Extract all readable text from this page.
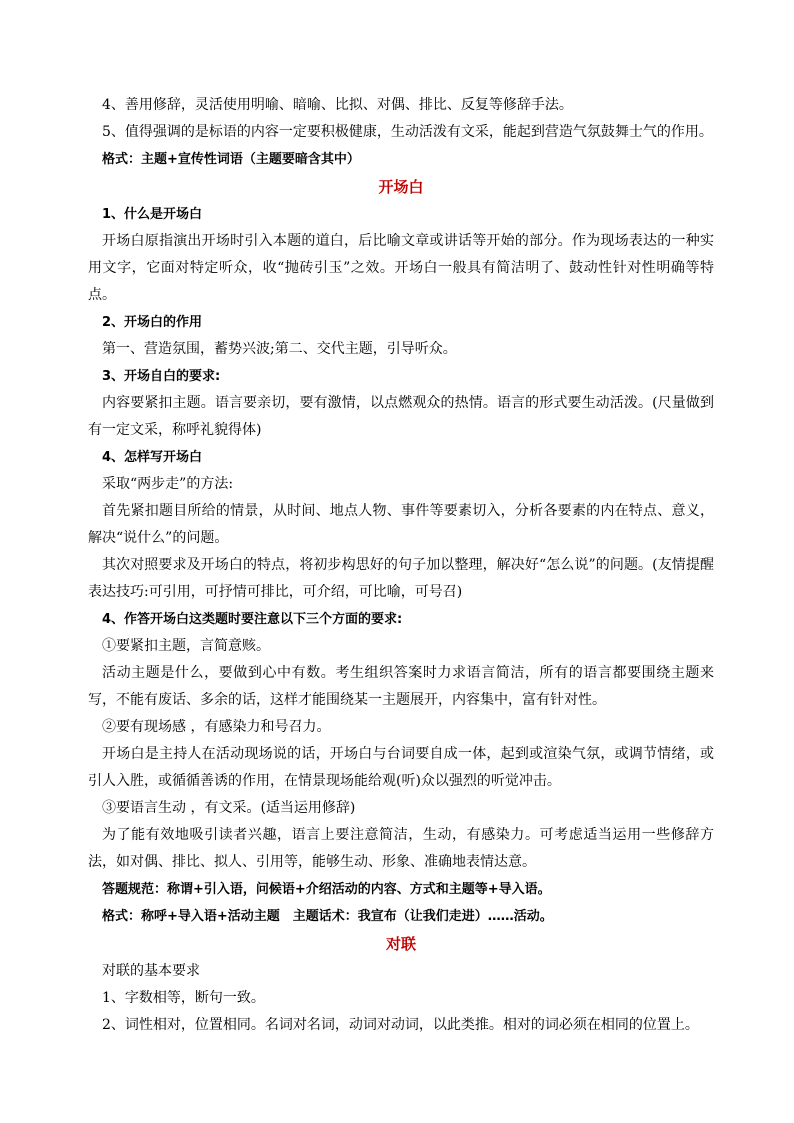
4、善用修辞，灵活使用明喻、暗喻、比拟、对偶、排比、反复等修辞手法。

5、值得强调的是标语的内容一定要积极健康，生动活泼有文采，能起到营造气氛鼓舞士气的作用。

格式：主题+宣传性词语（主题要暗含其中）

开场白

1、什么是开场白

开场白原指演出开场时引入本题的道白，后比喻文章或讲话等开始的部分。作为现场表达的一种实用文字，它面对特定听众，收“抛砖引玉”之效。开场白一般具有简洁明了、鼓动性针对性明确等特点。

2、开场白的作用

第一、营造氛围，蓄势兴波;第二、交代主题，引导听众。

3、开场自白的要求:

内容要紧扣主题。语言要亲切，要有激情，以点燃观众的热情。语言的形式要生动活泼。(尺量做到有一定文采，称呼礼貌得体)

4、怎样写开场白

采取“两步走”的方法:

首先紧扣题目所给的情景，从时间、地点人物、事件等要素切入，分析各要素的内在特点、意义，解决“说什么”的问题。

其次对照要求及开场白的特点，将初步构思好的句子加以整理，解决好“怎么说”的问题。(友情提醒表达技巧:可引用，可抒情可排比，可介绍，可比喻，可号召)

4、作答开场白这类题时要注意以下三个方面的要求:

①要紧扣主题，言简意赅。

活动主题是什么，要做到心中有数。考生组织答案时力求语言简洁，所有的语言都要围绕主题来写，不能有废话、多余的话，这样才能围绕某一主题展开，内容集中，富有针对性。

②要有现场感 ，有感染力和号召力。

开场白是主持人在活动现场说的话，开场白与台词要自成一体，起到或渲染气氛，或调节情绪，或引人入胜，或循循善诱的作用，在情景现场能给观(听)众以强烈的听觉冲击。

③要语言生动 ，有文采。(适当运用修辞)

为了能有效地吸引读者兴趣，语言上要注意简洁，生动，有感染力。可考虑适当运用一些修辞方法，如对偶、排比、拟人、引用等，能够生动、形象、准确地表情达意。

答题规范：称谓+引入语，问候语+介绍活动的内容、方式和主题等+导入语。

格式：称呼+导入语+活动主题　主题话术：我宣布（让我们走进）……活动。

对联

对联的基本要求

1、字数相等，断句一致。

2、词性相对，位置相同。名词对名词，动词对动词，以此类推。相对的词必须在相同的位置上。
